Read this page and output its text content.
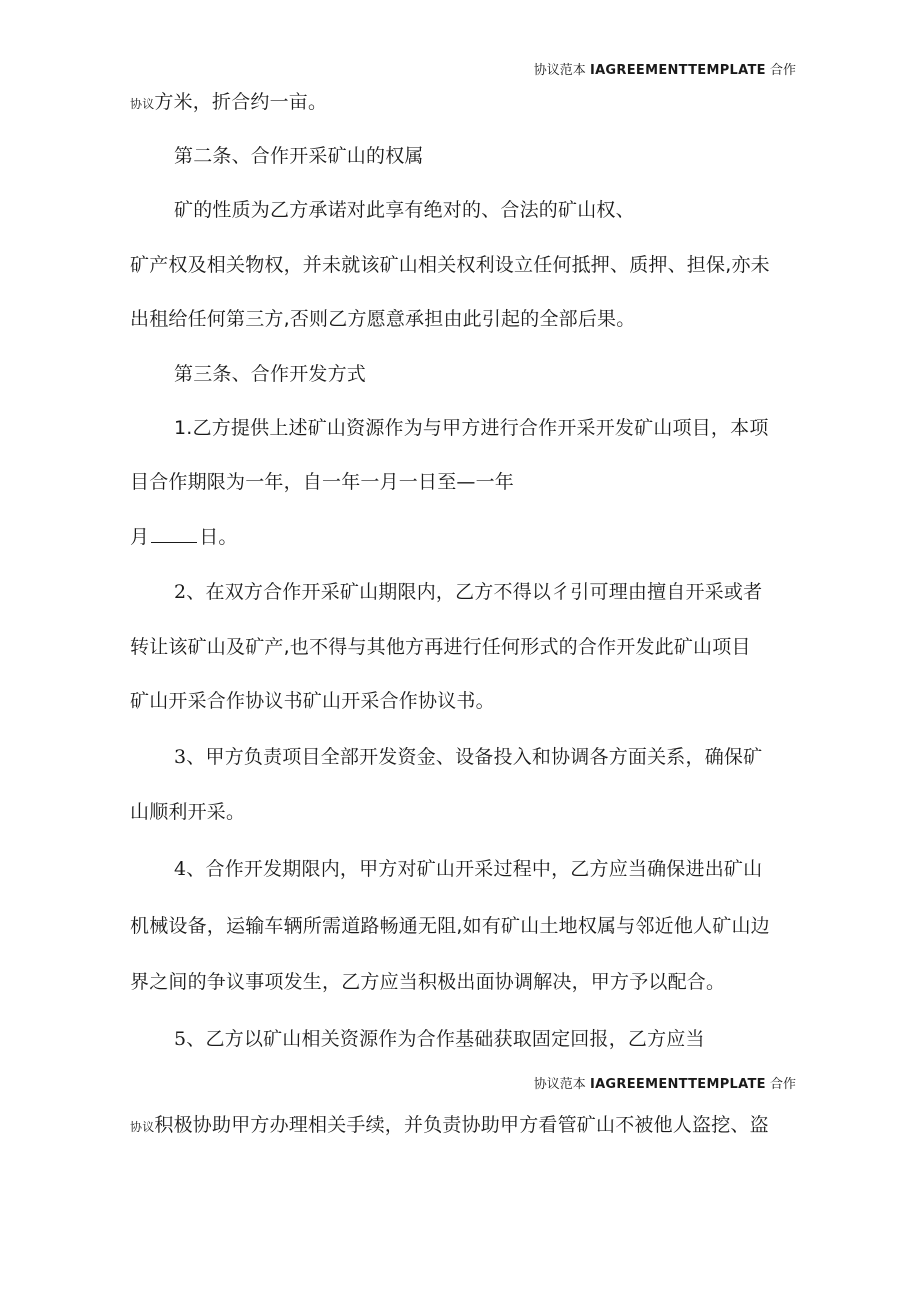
协议范本 IAGREEMENTTEMPLATE 合作
协议方米，折合约一亩。
第二条、合作开采矿山的权属
矿的性质为乙方承诺对此享有绝对的、合法的矿山权、
矿产权及相关物权，并未就该矿山相关权利设立任何抵押、质押、担保,亦未
出租给任何第三方,否则乙方愿意承担由此引起的全部后果。
第三条、合作开发方式
1.乙方提供上述矿山资源作为与甲方进行合作开采开发矿山项目，本项
目合作期限为一年，自一年一月一日至—一年
月	日。
2、在双方合作开采矿山期限内，乙方不得以彳引可理由擅自开采或者
转让该矿山及矿产,也不得与其他方再进行任何形式的合作开发此矿山项目
矿山开采合作协议书矿山开采合作协议书。
3、甲方负责项目全部开发资金、设备投入和协调各方面关系，确保矿
山顺利开采。
4、合作开发期限内，甲方对矿山开采过程中，乙方应当确保进出矿山
机械设备，运输车辆所需道路畅通无阻,如有矿山土地权属与邻近他人矿山边
界之间的争议事项发生，乙方应当积极出面协调解决，甲方予以配合。
5、乙方以矿山相关资源作为合作基础获取固定回报，乙方应当
协议范本 IAGREEMENTTEMPLATE 合作
协议积极协助甲方办理相关手续，并负责协助甲方看管矿山不被他人盗挖、盗
